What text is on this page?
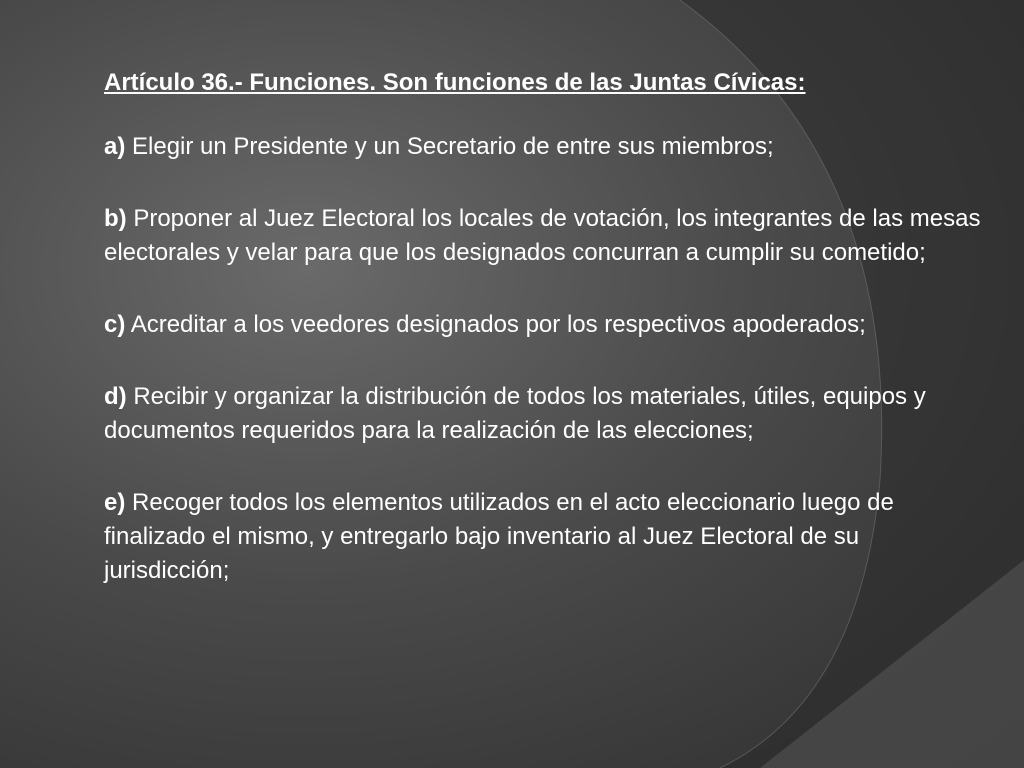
Artículo 36.- Funciones. Son funciones de las Juntas Cívicas:
a) Elegir un Presidente y un Secretario de entre sus miembros;
b) Proponer al Juez Electoral los locales de votación, los integrantes de las mesas electorales y velar para que los designados concurran a cumplir su cometido;
c) Acreditar a los veedores designados por los respectivos apoderados;
d) Recibir y organizar la distribución de todos los materiales, útiles, equipos y documentos requeridos para la realización de las elecciones;
e) Recoger todos los elementos utilizados en el acto eleccionario luego de finalizado el mismo, y entregarlo bajo inventario al Juez Electoral de su jurisdicción;
